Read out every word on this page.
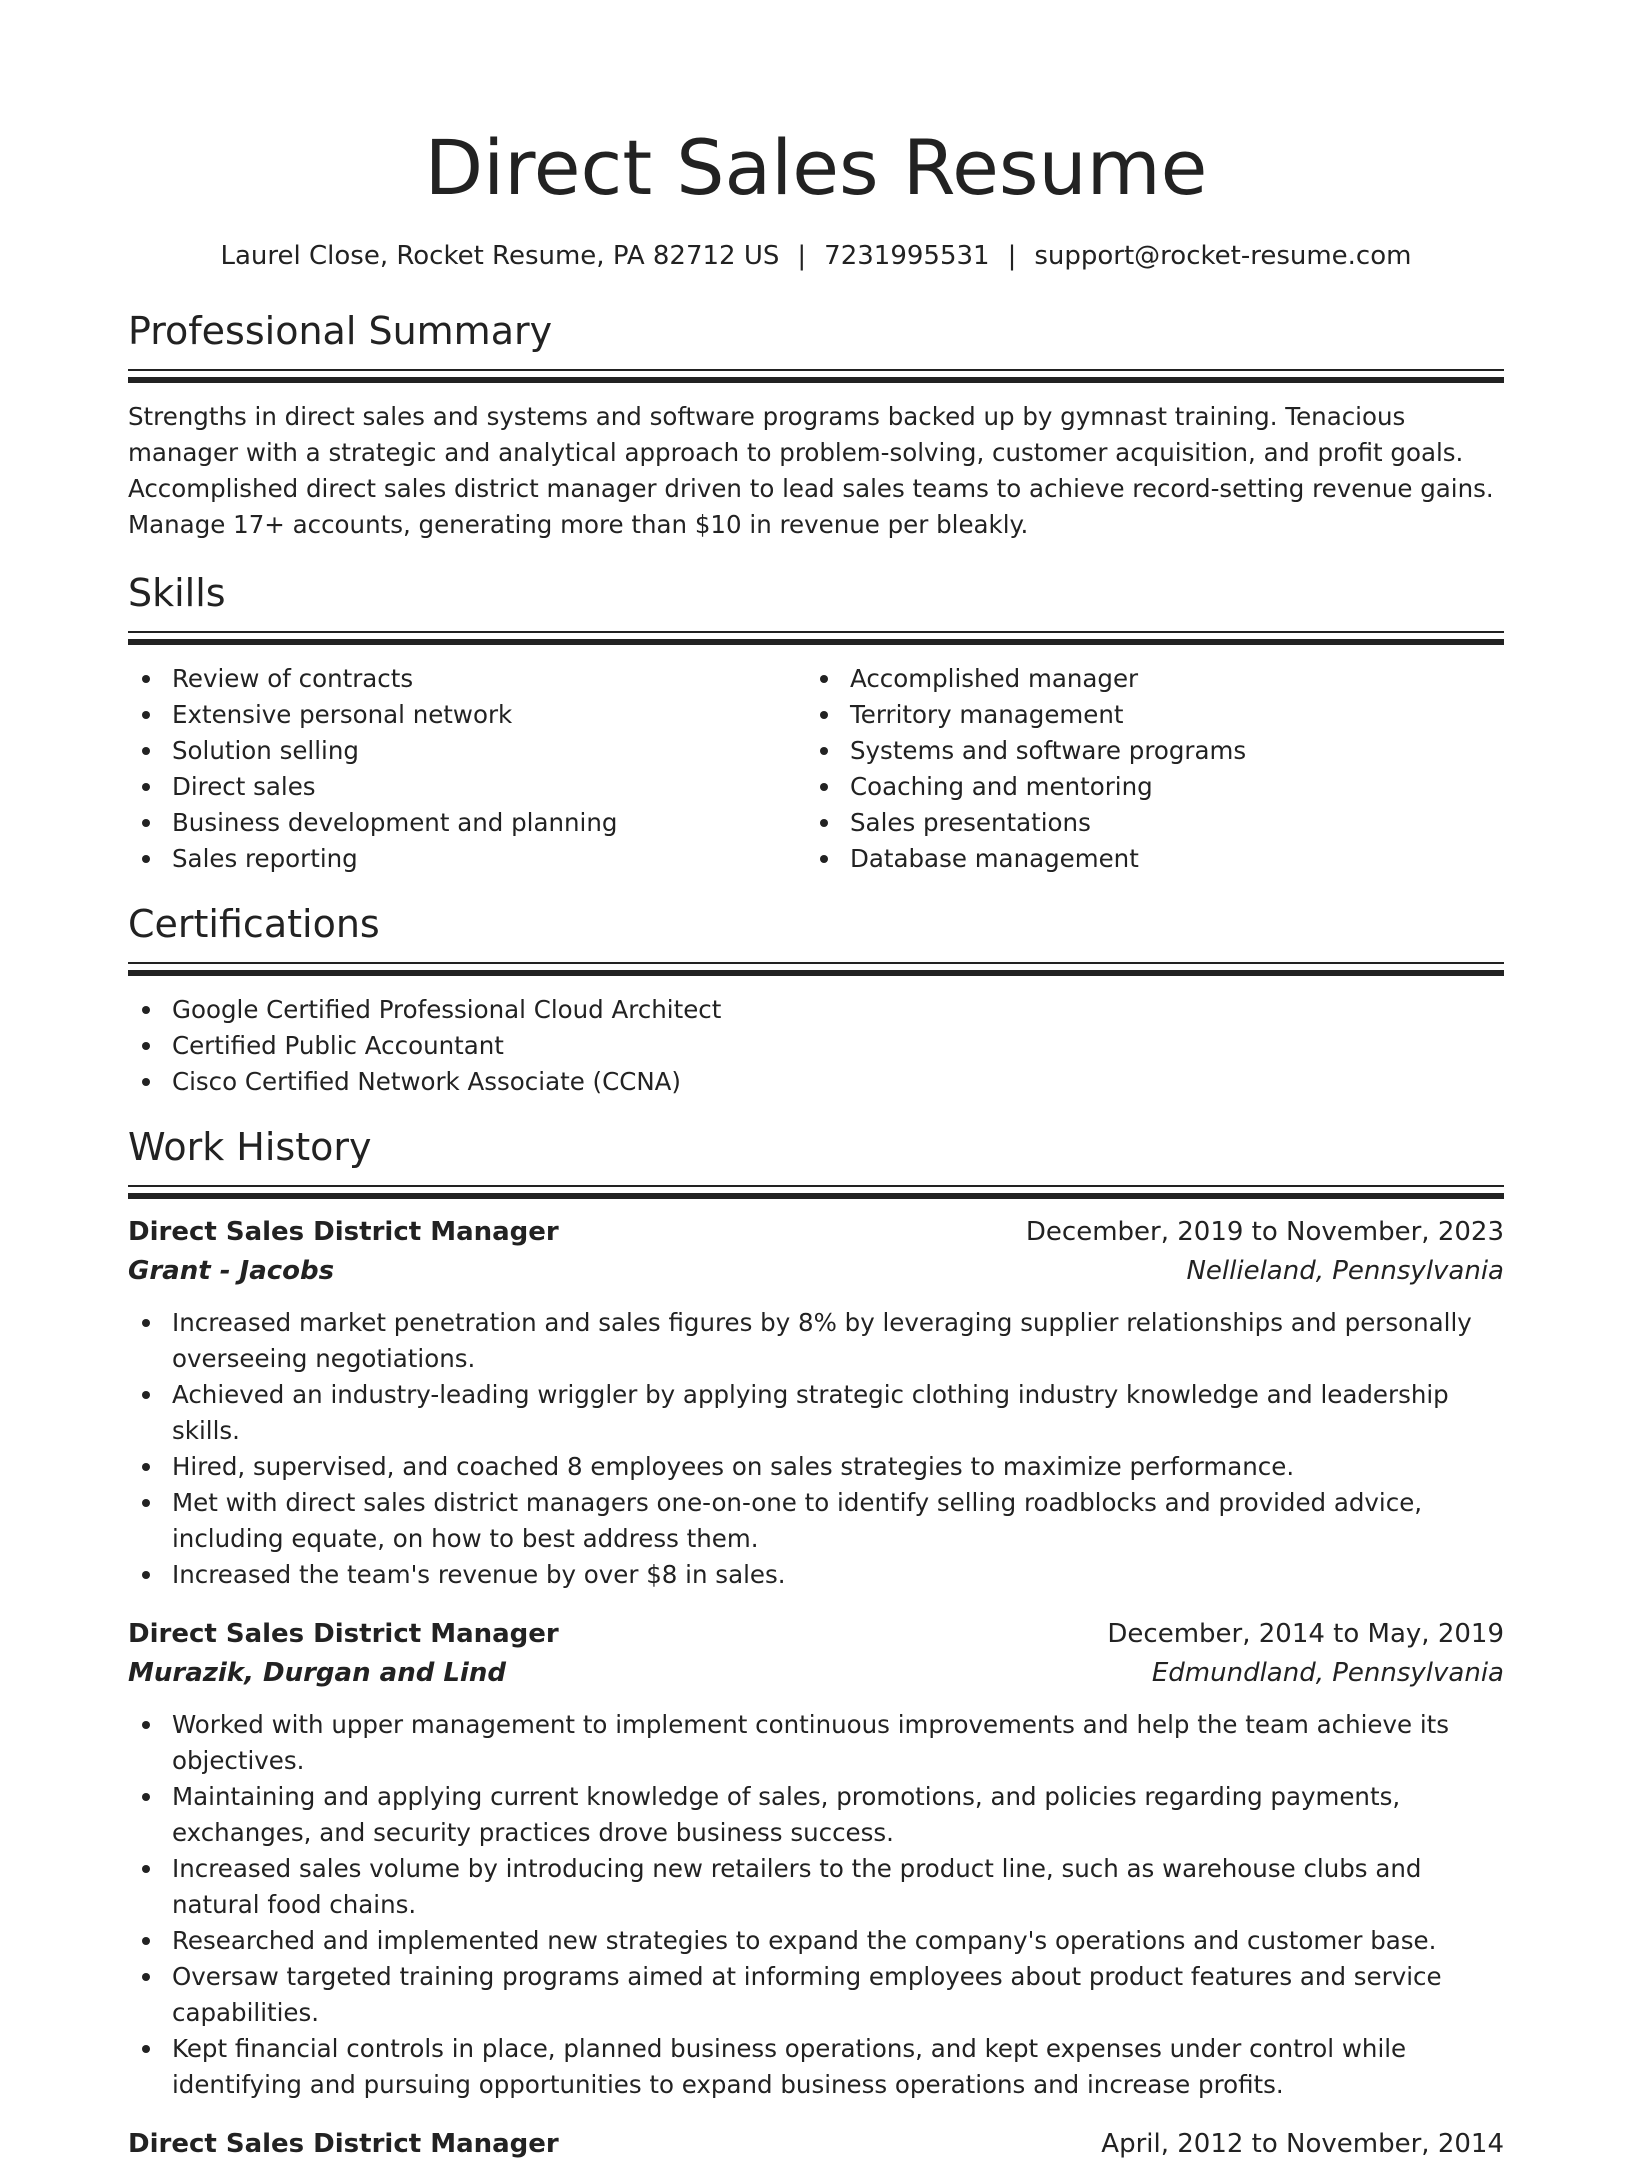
Direct Sales Resume
Laurel Close, Rocket Resume, PA 82712 US | 7231995531 | support@rocket-resume.com
Professional Summary

Strengths in direct sales and systems and software programs backed up by gymnast training. Tenacious manager with a strategic and analytical approach to problem-solving, customer acquisition, and profit goals. Accomplished direct sales district manager driven to lead sales teams to achieve record-setting revenue gains. Manage 17+ accounts, generating more than $10 in revenue per bleakly.

Skills
Review of contracts
Extensive personal network
Solution selling
Direct sales
Business development and planning
Sales reporting
Accomplished manager
Territory management
Systems and software programs
Coaching and mentoring
Sales presentations
Database management
Certifications
Google Certified Professional Cloud Architect
Certified Public Accountant
Cisco Certified Network Associate (CCNA)
Work History
Direct Sales District Manager	December, 2019 to November, 2023
Grant - Jacobs	Nellieland, Pennsylvania
Increased market penetration and sales figures by 8% by leveraging supplier relationships and personally overseeing negotiations.
Achieved an industry-leading wriggler by applying strategic clothing industry knowledge and leadership skills.
Hired, supervised, and coached 8 employees on sales strategies to maximize performance.
Met with direct sales district managers one-on-one to identify selling roadblocks and provided advice, including equate, on how to best address them.
Increased the team's revenue by over $8 in sales.
Direct Sales District Manager	December, 2014 to May, 2019
Murazik, Durgan and Lind	Edmundland, Pennsylvania
Worked with upper management to implement continuous improvements and help the team achieve its objectives.
Maintaining and applying current knowledge of sales, promotions, and policies regarding payments, exchanges, and security practices drove business success.
Increased sales volume by introducing new retailers to the product line, such as warehouse clubs and natural food chains.
Researched and implemented new strategies to expand the company's operations and customer base.
Oversaw targeted training programs aimed at informing employees about product features and service capabilities.
Kept financial controls in place, planned business operations, and kept expenses under control while identifying and pursuing opportunities to expand business operations and increase profits.
Direct Sales District Manager	April, 2012 to November, 2014
